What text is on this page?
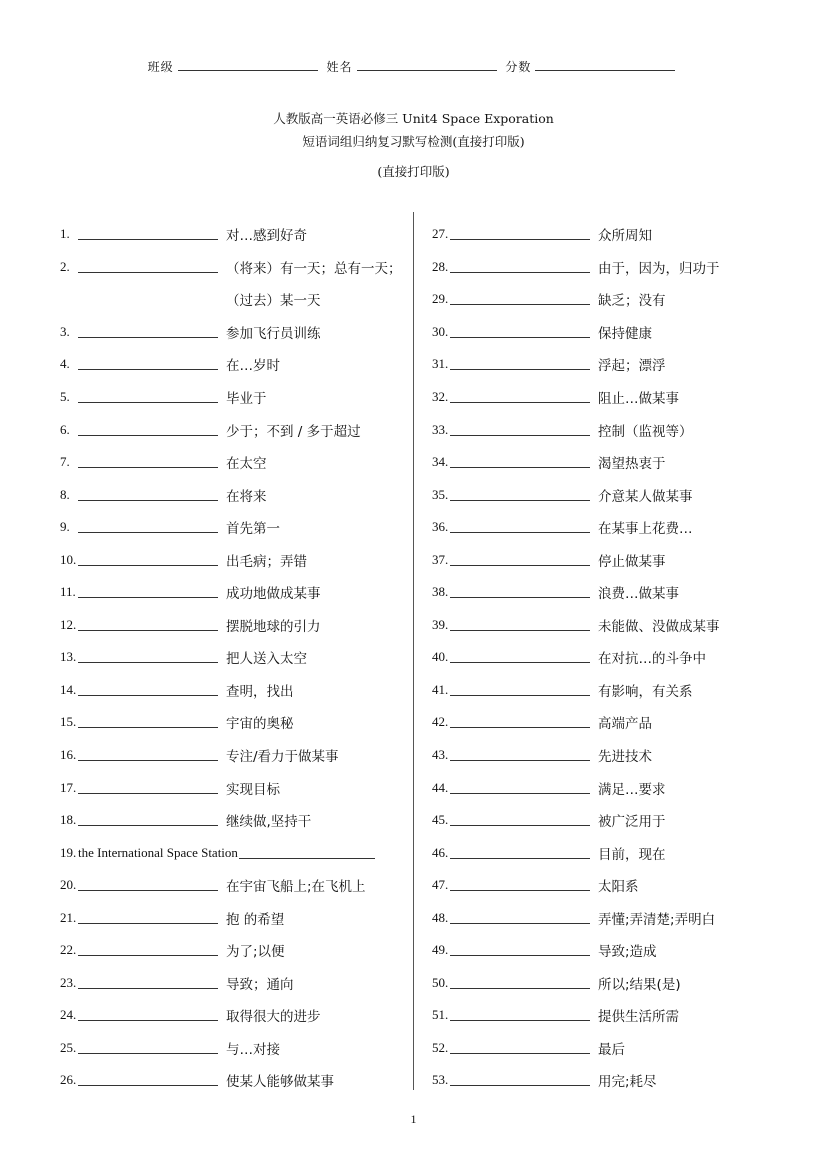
班级	姓名	分数
人教版高一英语必修三 Unit4 Space Exporation
短语词组归纳复习默写检测(直接打印版)
(直接打印版)
1.	对…感到好奇
2.	（将来）有一天；总有一天；
（过去）某一天
3.	参加飞行员训练
4.	在…岁时
5.	毕业于
6.	少于；不到 / 多于超过
7.	在太空
8.	在将来
9.	首先第一
10.	出毛病；弄错
11.	成功地做成某事
12.	摆脱地球的引力
13.	把人送入太空
14.	查明，找出
15.	宇宙的奥秘
16.	专注/看力于做某事
17.	实现目标
18.	继续做,坚持干
19. the International Space Station
20.	在宇宙飞船上;在飞机上
21.	抱 的希望
22.	为了;以便
23.	导致；通向
24.	取得很大的进步
25.	与…对接
26.	使某人能够做某事
27.	众所周知
28.	由于，因为，归功于
29.	缺乏；没有
30.	保持健康
31.	浮起；漂浮
32.	阻止…做某事
33.	控制（监视等）
34.	渴望热衷于
35.	介意某人做某事
36.	在某事上花费…
37.	停止做某事
38.	浪费…做某事
39.	未能做、没做成某事
40.	在对抗…的斗争中
41.	有影响，有关系
42.	高端产品
43.	先进技术
44.	满足…要求
45.	被广泛用于
46.	目前，现在
47.	太阳系
48.	弄懂;弄清楚;弄明白
49.	导致;造成
50.	所以;结果(是)
51.	提供生活所需
52.	最后
53.	用完;耗尽
1
